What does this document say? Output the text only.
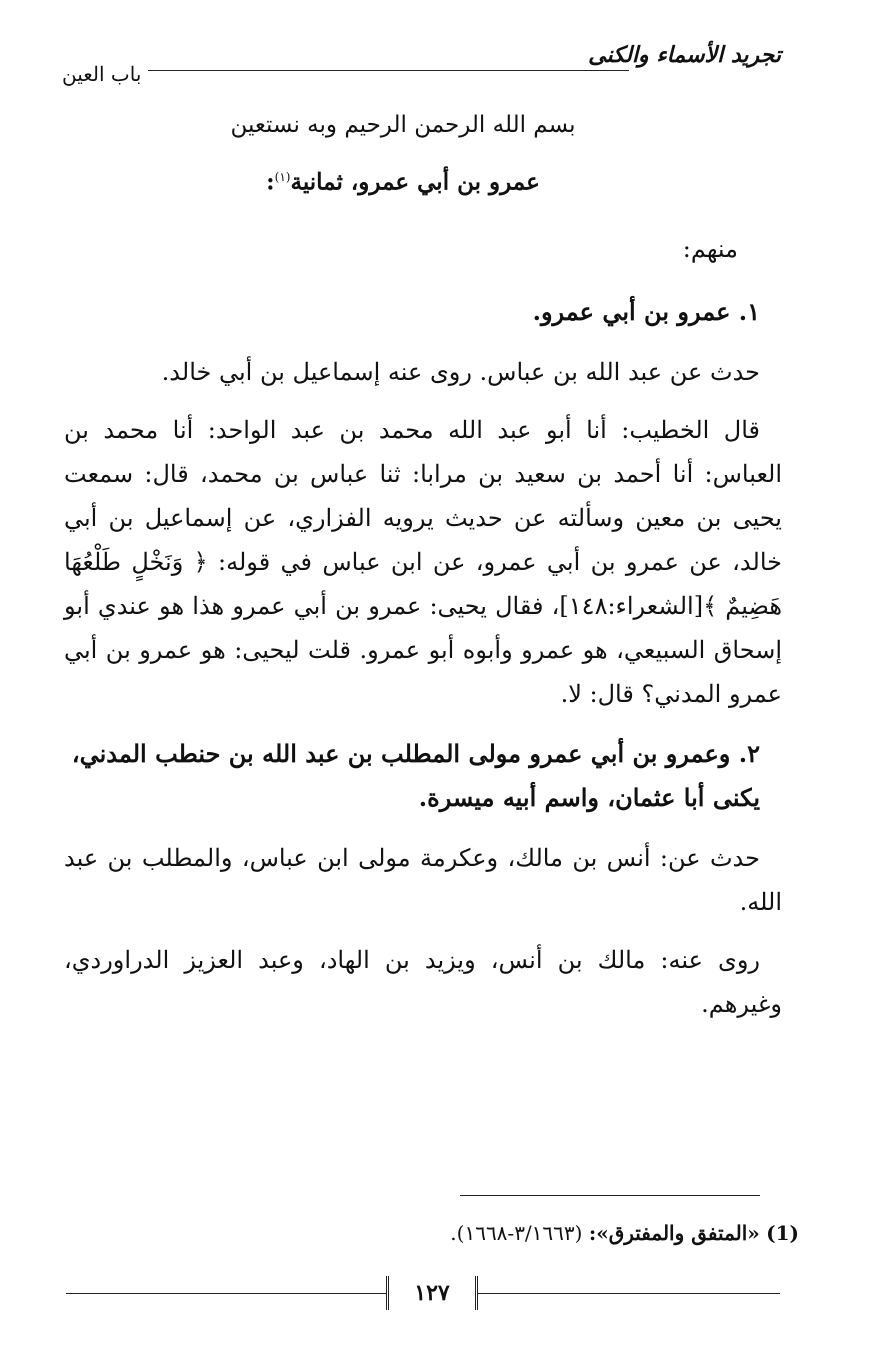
تجريد الأسماء والكنى
باب العين

بسم الله الرحمن الرحيم وبه نستعين

عمرو بن أبي عمرو، ثمانية$^{(١)}$:

منهم:

١. عمرو بن أبي عمرو.

حدث عن عبد الله بن عباس. روى عنه إسماعيل بن أبي خالد.

قال الخطيب: أنا أبو عبد الله محمد بن عبد الواحد: أنا محمد بن العباس: أنا أحمد بن سعيد بن مرابا: ثنا عباس بن محمد، قال: سمعت يحيى بن معين وسألته عن حديث يرويه الفزاري، عن إسماعيل بن أبي خالد، عن عمرو بن أبي عمرو، عن ابن عباس في قوله: ﴿ وَنَخْلٍ طَلْعُهَا هَضِيمٌ ﴾[الشعراء:١٤٨]، فقال يحيى: عمرو بن أبي عمرو هذا هو عندي أبو إسحاق السبيعي، هو عمرو وأبوه أبو عمرو. قلت ليحيى: هو عمرو بن أبي عمرو المدني؟ قال: لا.

٢. وعمرو بن أبي عمرو مولى المطلب بن عبد الله بن حنطب المدني، يكنى أبا عثمان، واسم أبيه ميسرة.

حدث عن: أنس بن مالك، وعكرمة مولى ابن عباس، والمطلب بن عبد الله.

روى عنه: مالك بن أنس، ويزيد بن الهاد، وعبد العزيز الدراوردي، وغيرهم.

(1) «المتفق والمفترق»: (٣/١٦٦٣-١٦٦٨).
١٢٧
